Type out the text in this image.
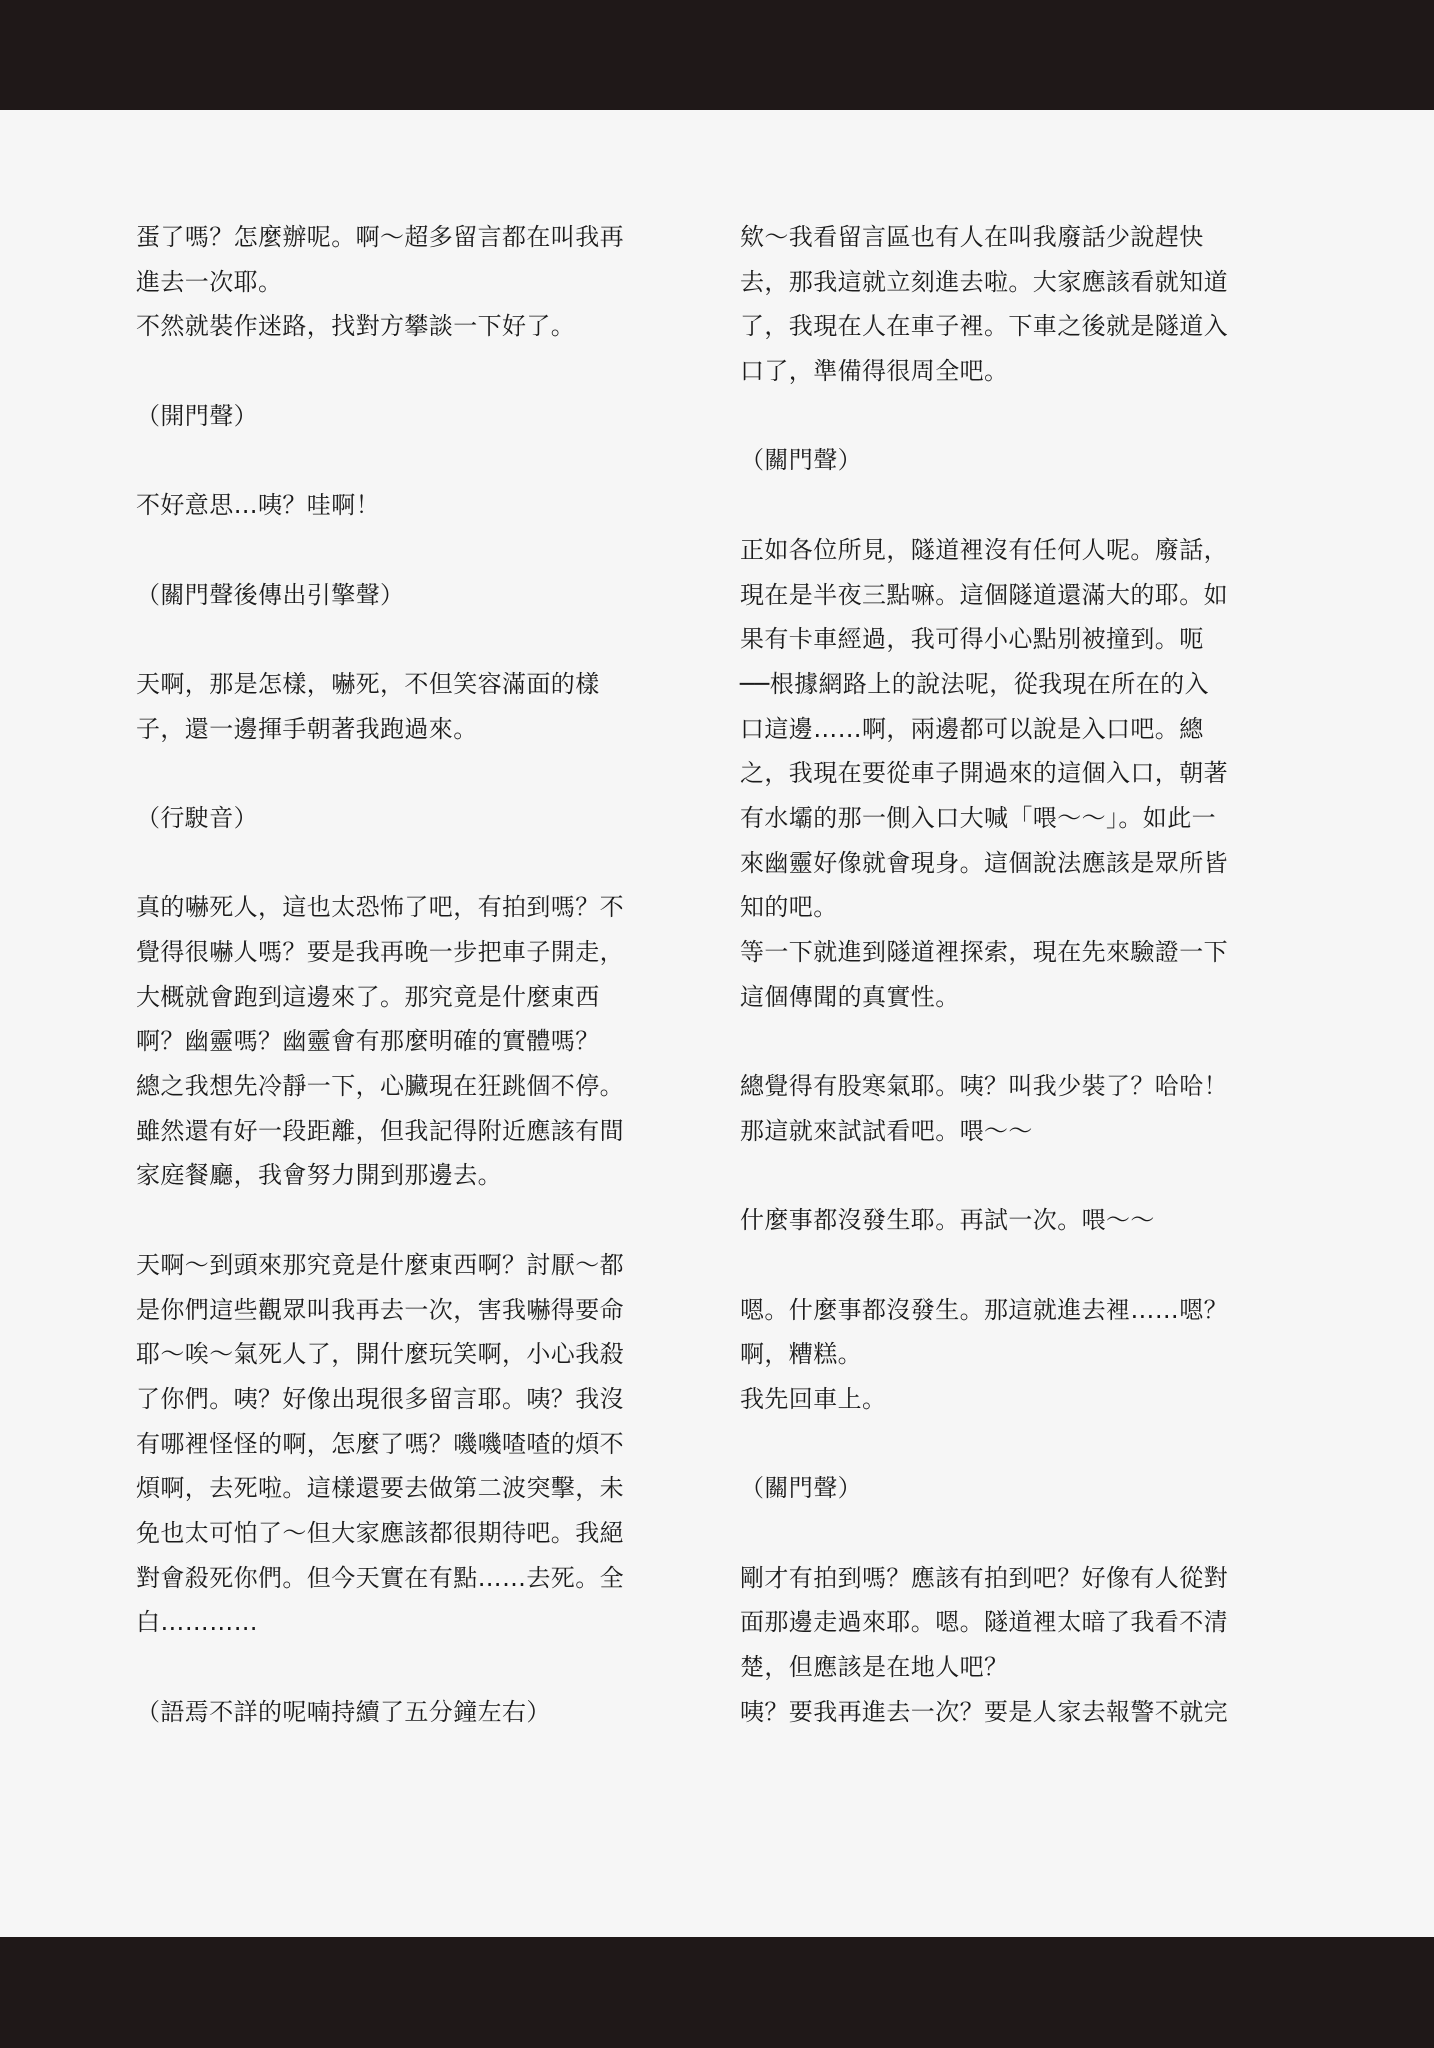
蛋了嗎？怎麼辦呢。啊～超多留言都在叫我再
進去一次耶。
不然就裝作迷路，找對方攀談一下好了。
（開門聲）
不好意思…咦？哇啊！
（關門聲後傳出引擎聲）
天啊，那是怎樣，嚇死，不但笑容滿面的樣
子，還一邊揮手朝著我跑過來。
（行駛音）
真的嚇死人，這也太恐怖了吧，有拍到嗎？不
覺得很嚇人嗎？要是我再晚一步把車子開走，
大概就會跑到這邊來了。那究竟是什麼東西
啊？幽靈嗎？幽靈會有那麼明確的實體嗎？
總之我想先冷靜一下，心臟現在狂跳個不停。
雖然還有好一段距離，但我記得附近應該有間
家庭餐廳，我會努力開到那邊去。
天啊～到頭來那究竟是什麼東西啊？討厭～都
是你們這些觀眾叫我再去一次，害我嚇得要命
耶～唉～氣死人了，開什麼玩笑啊，小心我殺
了你們。咦？好像出現很多留言耶。咦？我沒
有哪裡怪怪的啊，怎麼了嗎？嘰嘰喳喳的煩不
煩啊，去死啦。這樣還要去做第二波突擊，未
免也太可怕了～但大家應該都很期待吧。我絕
對會殺死你們。但今天實在有點……去死。全
白…………
（語焉不詳的呢喃持續了五分鐘左右）
欸～我看留言區也有人在叫我廢話少說趕快
去，那我這就立刻進去啦。大家應該看就知道
了，我現在人在車子裡。下車之後就是隧道入
口了，準備得很周全吧。
（關門聲）
正如各位所見，隧道裡沒有任何人呢。廢話，
現在是半夜三點嘛。這個隧道還滿大的耶。如
果有卡車經過，我可得小心點別被撞到。呃
──根據網路上的說法呢，從我現在所在的入
口這邊……啊，兩邊都可以說是入口吧。總
之，我現在要從車子開過來的這個入口，朝著
有水壩的那一側入口大喊「喂～～」。如此一
來幽靈好像就會現身。這個說法應該是眾所皆
知的吧。
等一下就進到隧道裡探索，現在先來驗證一下
這個傳聞的真實性。
總覺得有股寒氣耶。咦？叫我少裝了？哈哈！
那這就來試試看吧。喂～～
什麼事都沒發生耶。再試一次。喂～～
嗯。什麼事都沒發生。那這就進去裡……嗯？
啊，糟糕。
我先回車上。
（關門聲）
剛才有拍到嗎？應該有拍到吧？好像有人從對
面那邊走過來耶。嗯。隧道裡太暗了我看不清
楚，但應該是在地人吧？
咦？要我再進去一次？要是人家去報警不就完
